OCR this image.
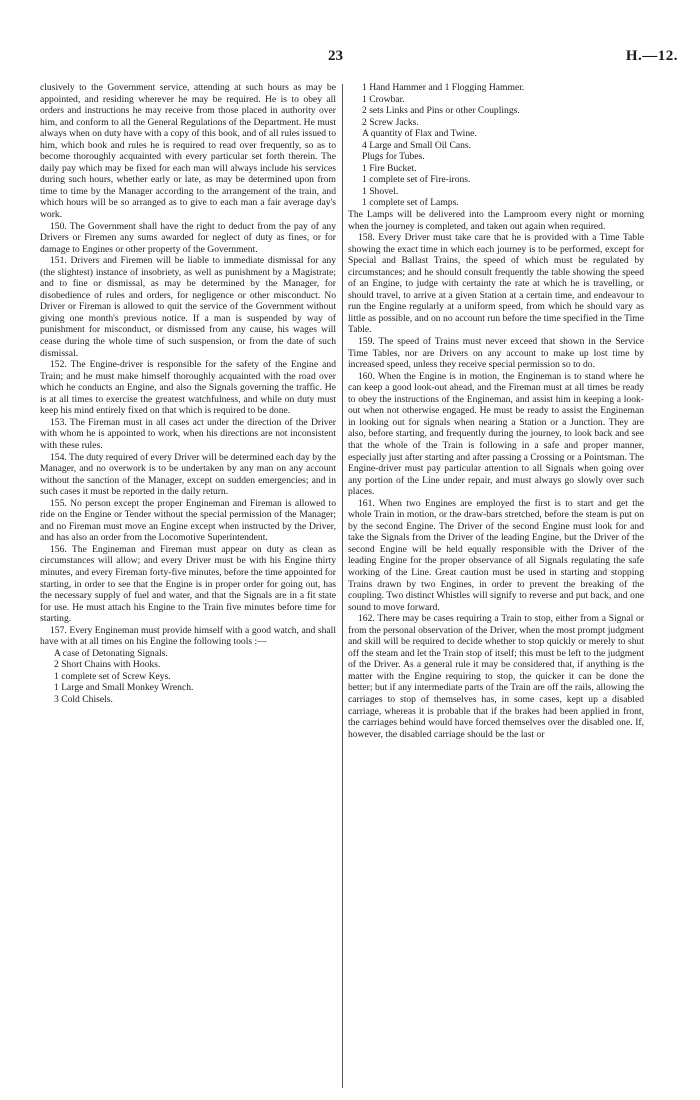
23	H.—12.

clusively to the Government service, attending at such hours as may be appointed, and residing wherever he may be required. He is to obey all orders and instructions he may receive from those placed in authority over him, and conform to all the General Regulations of the Department. He must always when on duty have with a copy of this book, and of all rules issued to him, which book and rules he is required to read over frequently, so as to become thoroughly acquainted with every particular set forth therein. The daily pay which may be fixed for each man will always include his services during such hours, whether early or late, as may be determined upon from time to time by the Manager according to the arrangement of the train, and which hours will be so arranged as to give to each man a fair average day's work.

150. The Government shall have the right to deduct from the pay of any Drivers or Firemen any sums awarded for neglect of duty as fines, or for damage to Engines or other property of the Government.

151. Drivers and Firemen will be liable to immediate dismissal for any (the slightest) instance of insobriety, as well as punishment by a Magistrate; and to fine or dismissal, as may be determined by the Manager, for disobedience of rules and orders, for negligence or other misconduct. No Driver or Fireman is allowed to quit the service of the Government without giving one month's previous notice. If a man is suspended by way of punishment for misconduct, or dismissed from any cause, his wages will cease during the whole time of such suspension, or from the date of such dismissal.

152. The Engine-driver is responsible for the safety of the Engine and Train; and he must make himself thoroughly acquainted with the road over which he conducts an Engine, and also the Signals governing the traffic. He is at all times to exercise the greatest watchfulness, and while on duty must keep his mind entirely fixed on that which is required to be done.

153. The Fireman must in all cases act under the direction of the Driver with whom he is appointed to work, when his directions are not inconsistent with these rules.

154. The duty required of every Driver will be determined each day by the Manager, and no overwork is to be undertaken by any man on any account without the sanction of the Manager, except on sudden emergencies; and in such cases it must be reported in the daily return.

155. No person except the proper Engineman and Fireman is allowed to ride on the Engine or Tender without the special permission of the Manager; and no Fireman must move an Engine except when instructed by the Driver, and has also an order from the Locomotive Superintendent.

156. The Engineman and Fireman must appear on duty as clean as circumstances will allow; and every Driver must be with his Engine thirty minutes, and every Fireman forty-five minutes, before the time appointed for starting, in order to see that the Engine is in proper order for going out, has the necessary supply of fuel and water, and that the Signals are in a fit state for use. He must attach his Engine to the Train five minutes before time for starting.

157. Every Engineman must provide himself with a good watch, and shall have with at all times on his Engine the following tools :—

A case of Detonating Signals.
2 Short Chains with Hooks.
1 complete set of Screw Keys.
1 Large and Small Monkey Wrench.
3 Cold Chisels.
1 Hand Hammer and 1 Flogging Hammer.
1 Crowbar.
2 sets Links and Pins or other Couplings.
2 Screw Jacks.
A quantity of Flax and Twine.
4 Large and Small Oil Cans.
Plugs for Tubes.
1 Fire Bucket.
1 complete set of Fire-irons.
1 Shovel.
1 complete set of Lamps.

The Lamps will be delivered into the Lamproom every night or morning when the journey is completed, and taken out again when required.

158. Every Driver must take care that he is provided with a Time Table showing the exact time in which each journey is to be performed, except for Special and Ballast Trains, the speed of which must be regulated by circumstances; and he should consult frequently the table showing the speed of an Engine, to judge with certainty the rate at which he is travelling, or should travel, to arrive at a given Station at a certain time, and endeavour to run the Engine regularly at a uniform speed, from which he should vary as little as possible, and on no account run before the time specified in the Time Table.

159. The speed of Trains must never exceed that shown in the Service Time Tables, nor are Drivers on any account to make up lost time by increased speed, unless they receive special permission so to do.

160. When the Engine is in motion, the Engineman is to stand where he can keep a good look-out ahead, and the Fireman must at all times be ready to obey the instructions of the Engineman, and assist him in keeping a look-out when not otherwise engaged. He must be ready to assist the Engineman in looking out for signals when nearing a Station or a Junction. They are also, before starting, and frequently during the journey, to look back and see that the whole of the Train is following in a safe and proper manner, especially just after starting and after passing a Crossing or a Pointsman. The Engine-driver must pay particular attention to all Signals when going over any portion of the Line under repair, and must always go slowly over such places.

161. When two Engines are employed the first is to start and get the whole Train in motion, or the draw-bars stretched, before the steam is put on by the second Engine. The Driver of the second Engine must look for and take the Signals from the Driver of the leading Engine, but the Driver of the second Engine will be held equally responsible with the Driver of the leading Engine for the proper observance of all Signals regulating the safe working of the Line. Great caution must be used in starting and stopping Trains drawn by two Engines, in order to prevent the breaking of the coupling. Two distinct Whistles will signify to reverse and put back, and one sound to move forward.

162. There may be cases requiring a Train to stop, either from a Signal or from the personal observation of the Driver, when the most prompt judgment and skill will be required to decide whether to stop quickly or merely to shut off the steam and let the Train stop of itself; this must be left to the judgment of the Driver. As a general rule it may be considered that, if anything is the matter with the Engine requiring to stop, the quicker it can be done the better; but if any intermediate parts of the Train are off the rails, allowing the carriages to stop of themselves has, in some cases, kept up a disabled carriage, whereas it is probable that if the brakes had been applied in front, the carriages behind would have forced themselves over the disabled one. If, however, the disabled carriage should be the last or
